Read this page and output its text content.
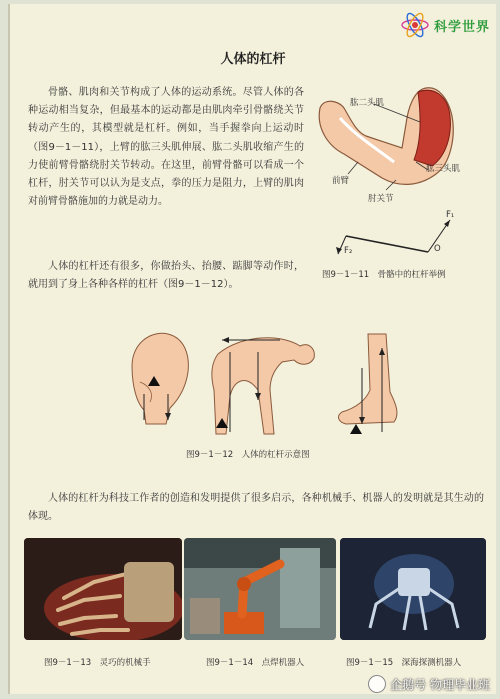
科学世界
人体的杠杆

骨骼、肌肉和关节构成了人体的运动系统。尽管人体的各种运动相当复杂，但最基本的运动都是由肌肉牵引骨骼绕关节转动产生的，其模型就是杠杆。例如，当手握拳向上运动时（图9－1－11），上臂的肱三头肌伸展、肱二头肌收缩产生的力使前臂骨骼绕肘关节转动。在这里，前臂骨骼可以看成一个杠杆，肘关节可以认为是支点，拳的压力是阻力，上臂的肌肉对前臂骨骼施加的力就是动力。

人体的杠杆还有很多，你做抬头、抬腰、踮脚等动作时，就用到了身上各种各样的杠杆（图9－1－12）。

肱二头肌
肱三头肌
前臂
肘关节
F₁
F₂	O
图9－1－11　骨骼中的杠杆举例
图9－1－12　人体的杠杆示意图

人体的杠杆为科技工作者的创造和发明提供了很多启示，各种机械手、机器人的发明就是其生动的体现。

图9－1－13　灵巧的机械手	图9－1－14　点焊机器人	图9－1－15　深海探测机器人
企鹅号 物理毕业班
